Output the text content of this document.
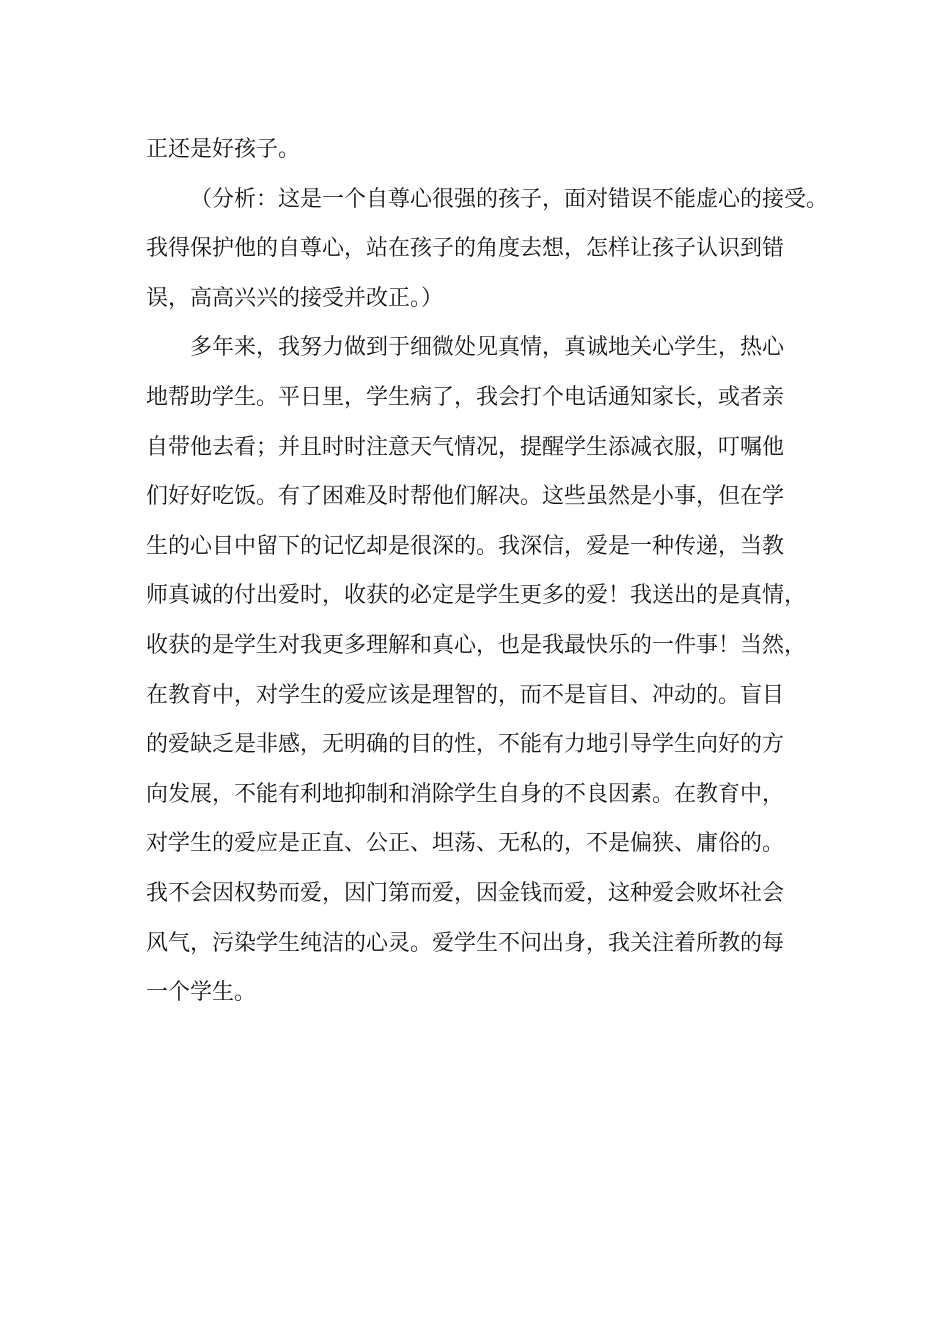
正还是好孩子。
（分析：这是一个自尊心很强的孩子，面对错误不能虚心的接受。
我得保护他的自尊心，站在孩子的角度去想，怎样让孩子认识到错
误，高高兴兴的接受并改正。）
多年来，我努力做到于细微处见真情，真诚地关心学生，热心
地帮助学生。平日里，学生病了，我会打个电话通知家长，或者亲
自带他去看；并且时时注意天气情况，提醒学生添减衣服，叮嘱他
们好好吃饭。有了困难及时帮他们解决。这些虽然是小事，但在学
生的心目中留下的记忆却是很深的。我深信，爱是一种传递，当教
师真诚的付出爱时，收获的必定是学生更多的爱！我送出的是真情，
收获的是学生对我更多理解和真心，也是我最快乐的一件事！当然，
在教育中，对学生的爱应该是理智的，而不是盲目、冲动的。盲目
的爱缺乏是非感，无明确的目的性，不能有力地引导学生向好的方
向发展，不能有利地抑制和消除学生自身的不良因素。在教育中，
对学生的爱应是正直、公正、坦荡、无私的，不是偏狭、庸俗的。
我不会因权势而爱，因门第而爱，因金钱而爱，这种爱会败坏社会
风气，污染学生纯洁的心灵。爱学生不问出身，我关注着所教的每
一个学生。
